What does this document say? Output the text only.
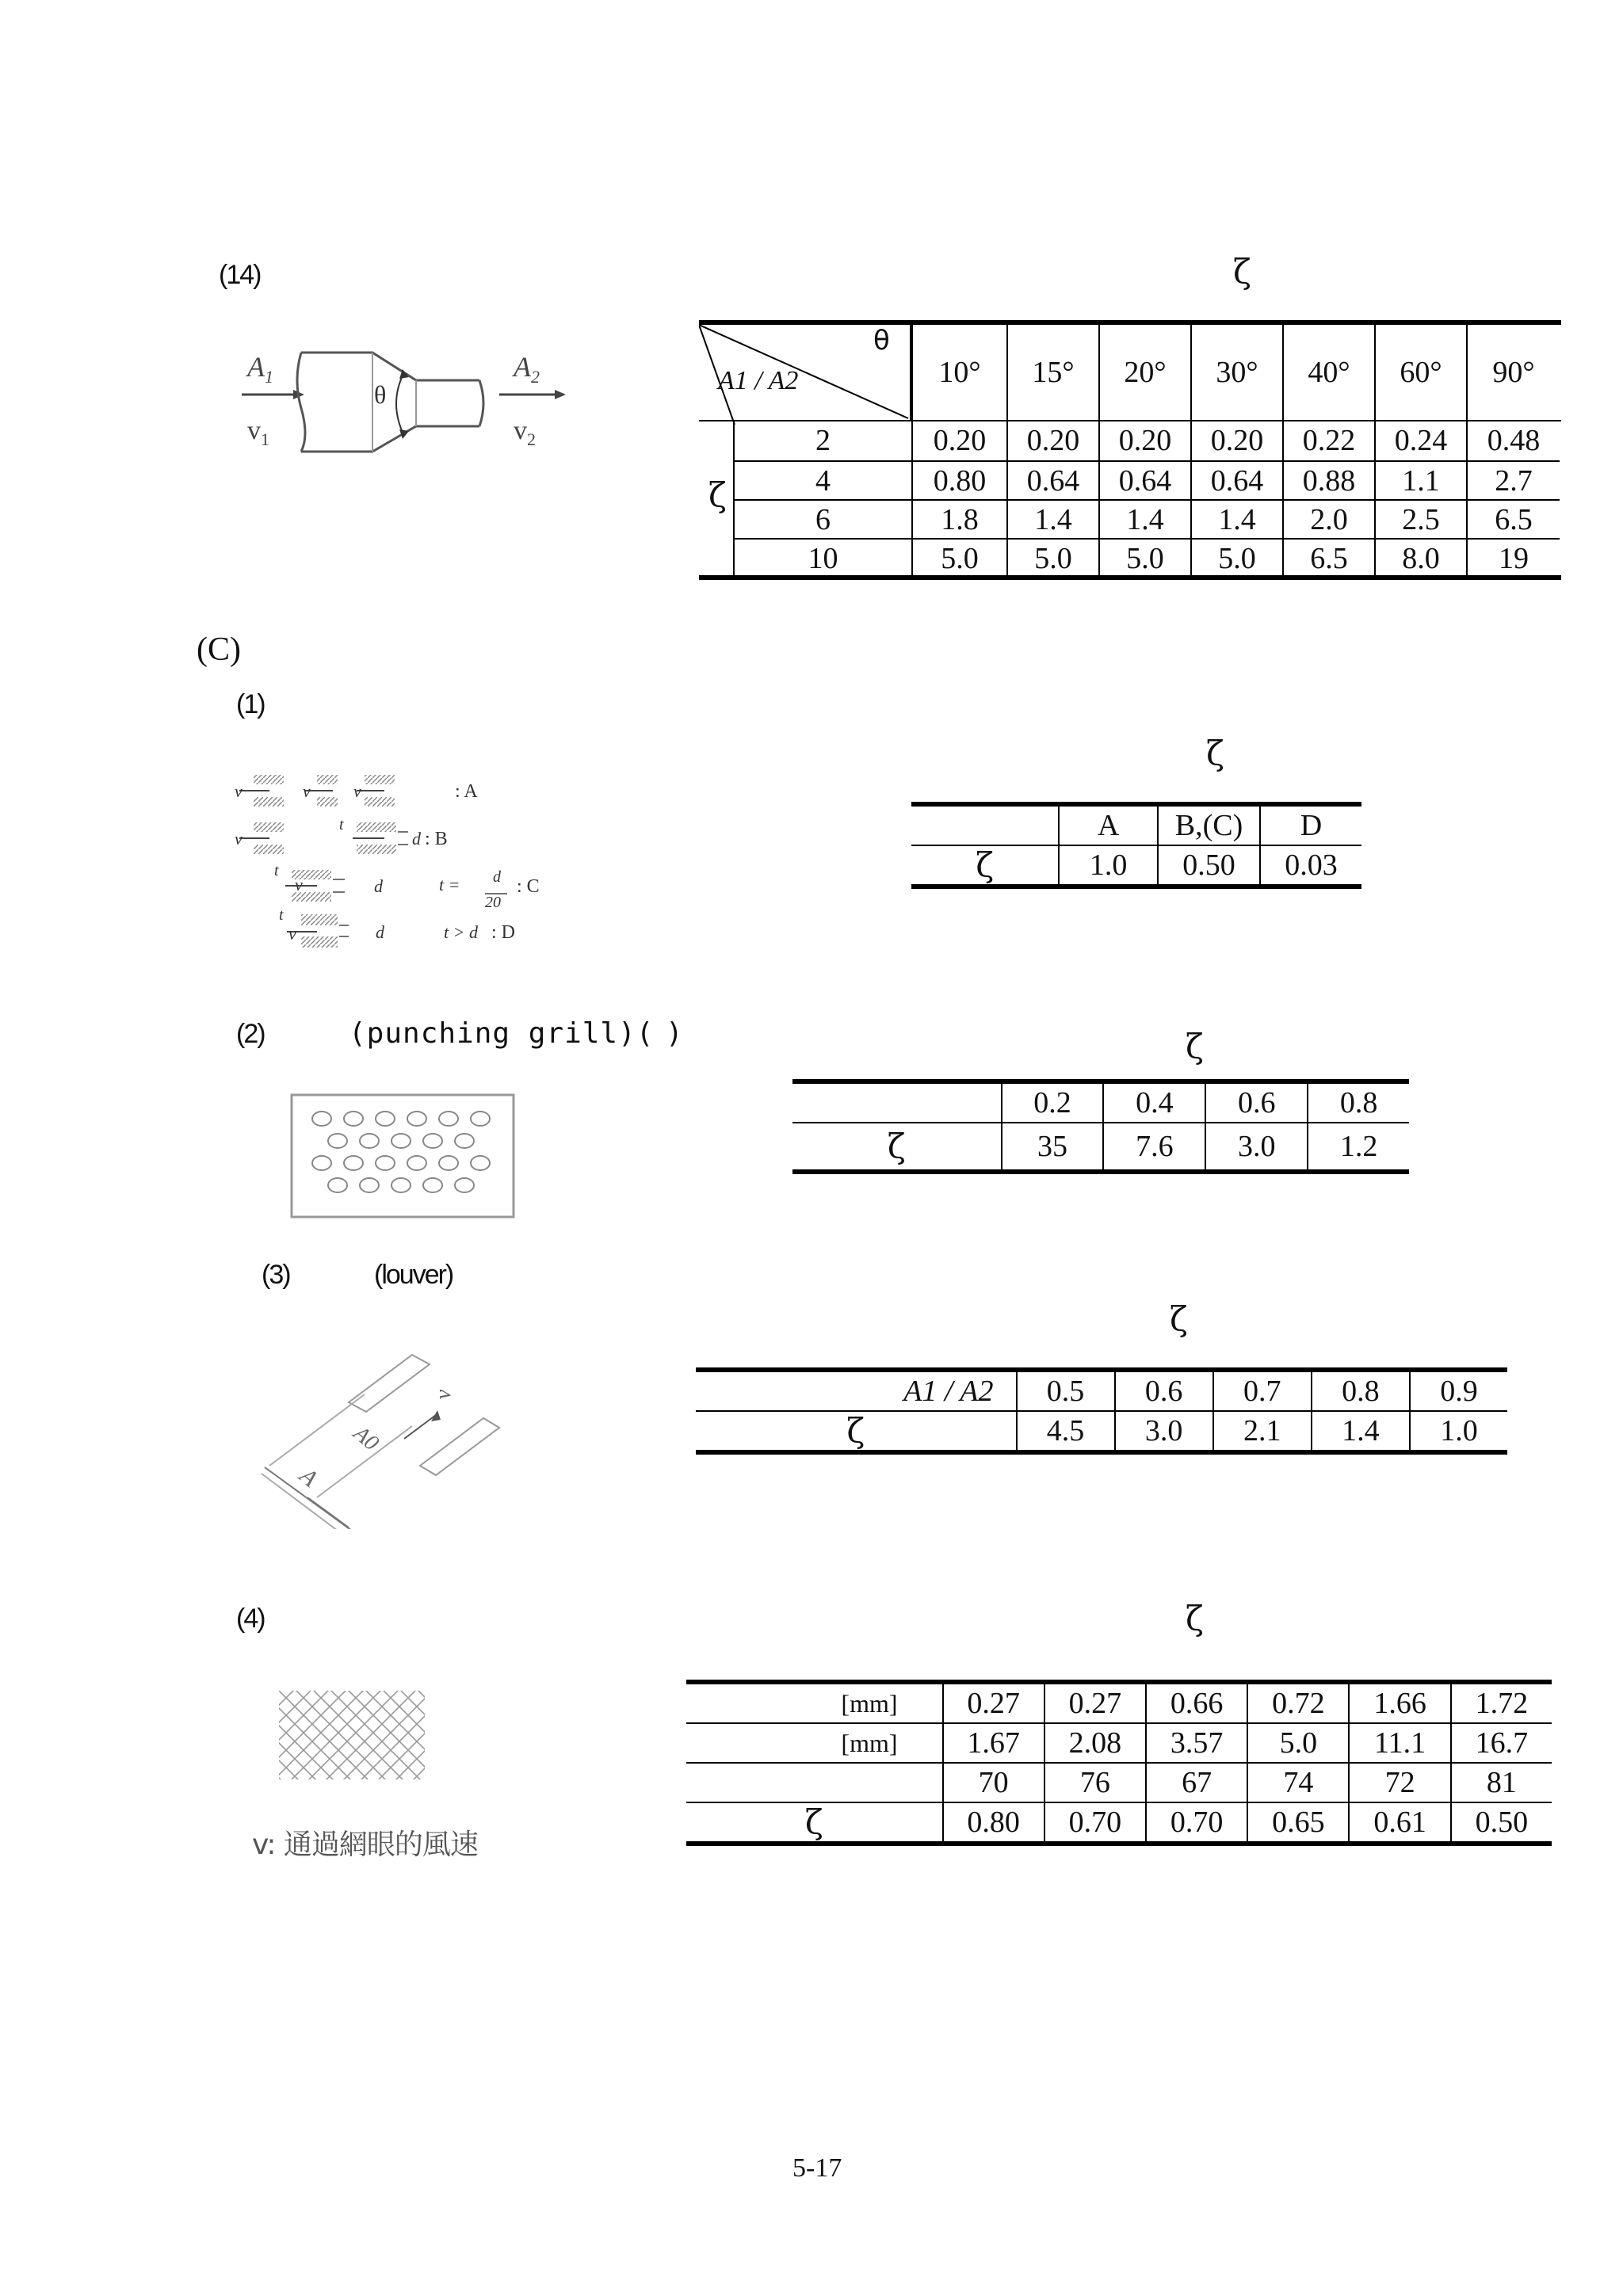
(14)	ζ
$A_1$
$v_1$
θ
$A_2$
$v_2$
θ
A1 / A2	10°	15°	20°	30°	40°	60°	90°
ζ
2	0.20	0.20	0.20	0.20	0.22	0.24	0.48
4	0.80	0.64	0.64	0.64	0.88	1.1	2.7
6	1.8	1.4	1.4	1.4	2.0	2.5	6.5
10	5.0	5.0	5.0	5.0	6.5	8.0	19
(C)
(1)
ζ
: A
d : B
t = d
20
: C
d
t > d : D
d
v	v v
v
t
t
v
t
v
	A	B,(C)	D
ζ	1.0	0.50	0.03
(2)	(punching grill)( )	ζ
	0.2	0.4	0.6	0.8
ζ	35	7.6	3.0	1.2
(3)	(louver)
ζ
A
A0
v	A1 / A2	0.5	0.6	0.7	0.8	0.9
ζ	4.5	3.0	2.1	1.4	1.0
(4)	ζ
v: 通過網眼的風速
[mm]	0.27	0.27	0.66	0.72	1.66	1.72
[mm]	1.67	2.08	3.57	5.0	11.1	16.7
	70	76	67	74	72	81
ζ	0.80	0.70	0.70	0.65	0.61	0.50
5-17
